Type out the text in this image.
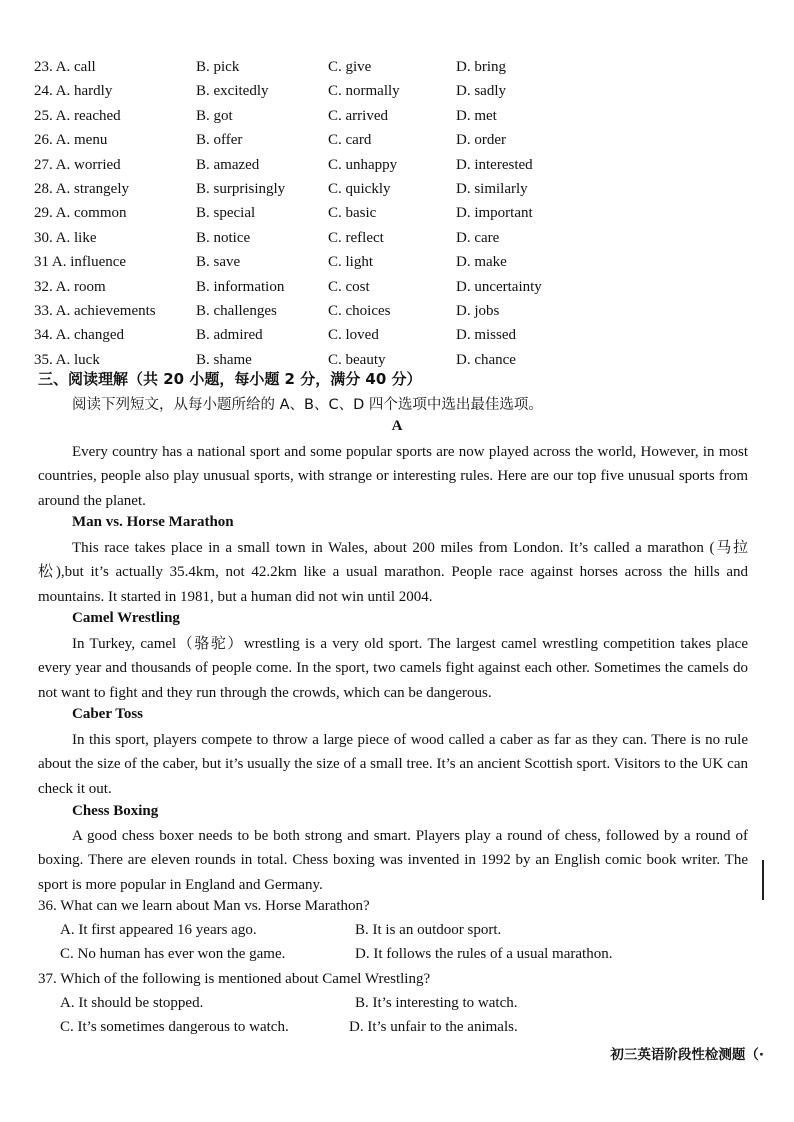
23. A. call	B. pick	C. give	D. bring
24. A. hardly	B. excitedly	C. normally	D. sadly
25. A. reached	B. got	C. arrived	D. met
26. A. menu	B. offer	C. card	D. order
27. A. worried	B. amazed	C. unhappy	D. interested
28. A. strangely	B. surprisingly	C. quickly	D. similarly
29. A. common	B. special	C. basic	D. important
30. A. like	B. notice	C. reflect	D. care
31 A. influence	B. save	C. light	D. make
32. A. room	B. information	C. cost	D. uncertainty
33. A. achievements	B. challenges	C. choices	D. jobs
34. A. changed	B. admired	C. loved	D. missed
35. A. luck	B. shame	C. beauty	D. chance
三、阅读理解（共 20 小题，每小题 2 分，满分 40 分）
阅读下列短文，从每小题所给的 A、B、C、D 四个选项中选出最佳选项。
A

Every country has a national sport and some popular sports are now played across the world, However, in most countries, people also play unusual sports, with strange or interesting rules. Here are our top five unusual sports from around the planet.

Man vs. Horse Marathon

This race takes place in a small town in Wales, about 200 miles from London. It’s called a marathon (马拉松),but it’s actually 35.4km, not 42.2km like a usual marathon. People race against horses across the hills and mountains. It started in 1981, but a human did not win until 2004.

Camel Wrestling

In Turkey, camel（骆驼）wrestling is a very old sport. The largest camel wrestling competition takes place every year and thousands of people come. In the sport, two camels fight against each other. Sometimes the camels do not want to fight and they run through the crowds, which can be dangerous.

Caber Toss

In this sport, players compete to throw a large piece of wood called a caber as far as they can. There is no rule about the size of the caber, but it’s usually the size of a small tree. It’s an ancient Scottish sport. Visitors to the UK can check it out.

Chess Boxing

A good chess boxer needs to be both strong and smart. Players play a round of chess, followed by a round of boxing. There are eleven rounds in total. Chess boxing was invented in 1992 by an English comic book writer. The sport is more popular in England and Germany.

36. What can we learn about Man vs. Horse Marathon?
A. It first appeared 16 years ago.	B. It is an outdoor sport.
C. No human has ever won the game.	D. It follows the rules of a usual marathon.
37. Which of the following is mentioned about Camel Wrestling?
A. It should be stopped.	B. It’s interesting to watch.
C. It’s sometimes dangerous to watch.	D. It’s unfair to the animals.
初三英语阶段性检测题（·
